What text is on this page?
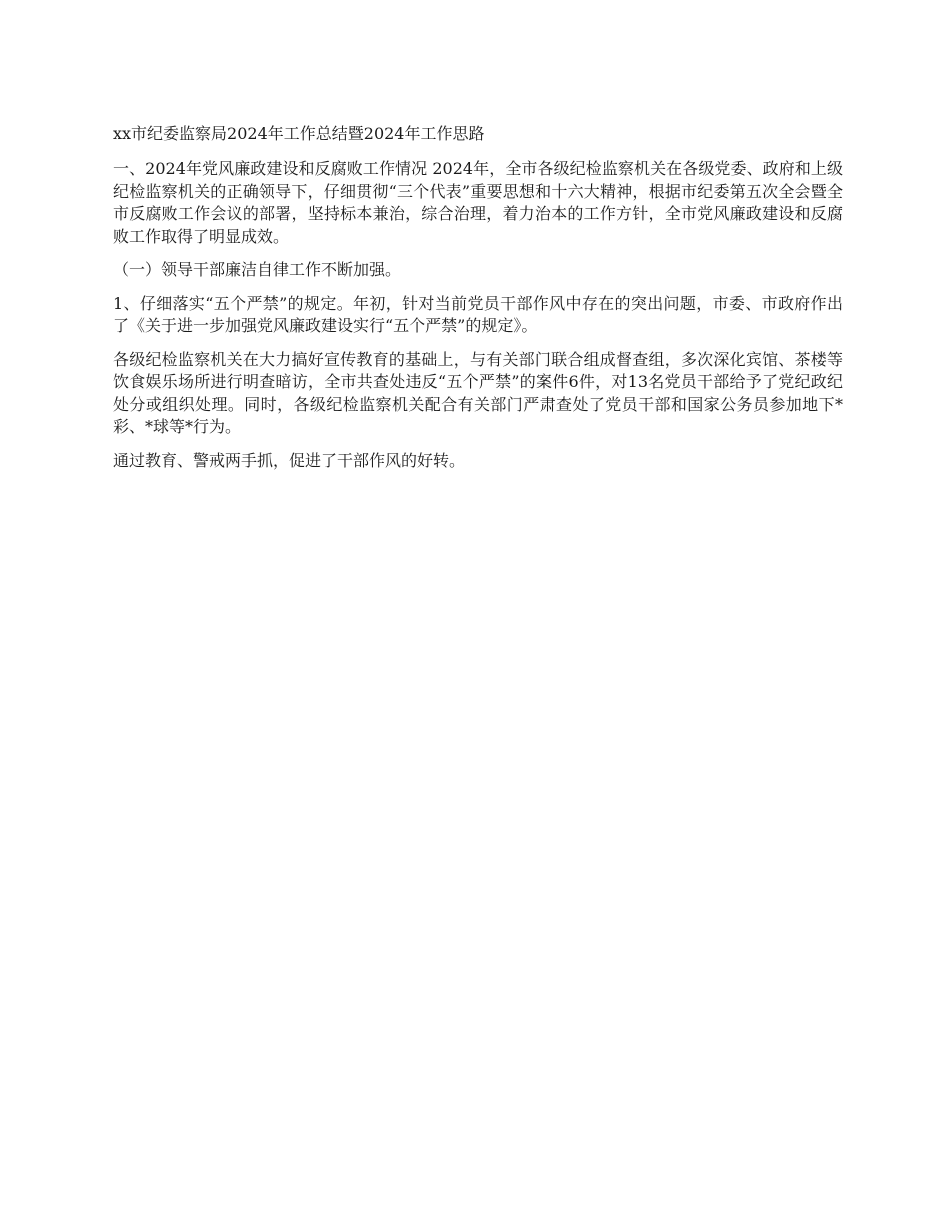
xx市纪委监察局2024年工作总结暨2024年工作思路

一、2024年党风廉政建设和反腐败工作情况 2024年，全市各级纪检监察机关在各级党委、政府和上级纪检监察机关的正确领导下，仔细贯彻“三个代表”重要思想和十六大精神，根据市纪委第五次全会暨全市反腐败工作会议的部署，坚持标本兼治，综合治理，着力治本的工作方针，全市党风廉政建设和反腐败工作取得了明显成效。

（一）领导干部廉洁自律工作不断加强。

1、仔细落实“五个严禁”的规定。年初，针对当前党员干部作风中存在的突出问题，市委、市政府作出了《关于进一步加强党风廉政建设实行“五个严禁”的规定》。

各级纪检监察机关在大力搞好宣传教育的基础上，与有关部门联合组成督查组，多次深化宾馆、茶楼等饮食娱乐场所进行明查暗访，全市共查处违反“五个严禁”的案件6件，对13名党员干部给予了党纪政纪处分或组织处理。同时，各级纪检监察机关配合有关部门严肃查处了党员干部和国家公务员参加地下*彩、*球等*行为。

通过教育、警戒两手抓，促进了干部作风的好转。
